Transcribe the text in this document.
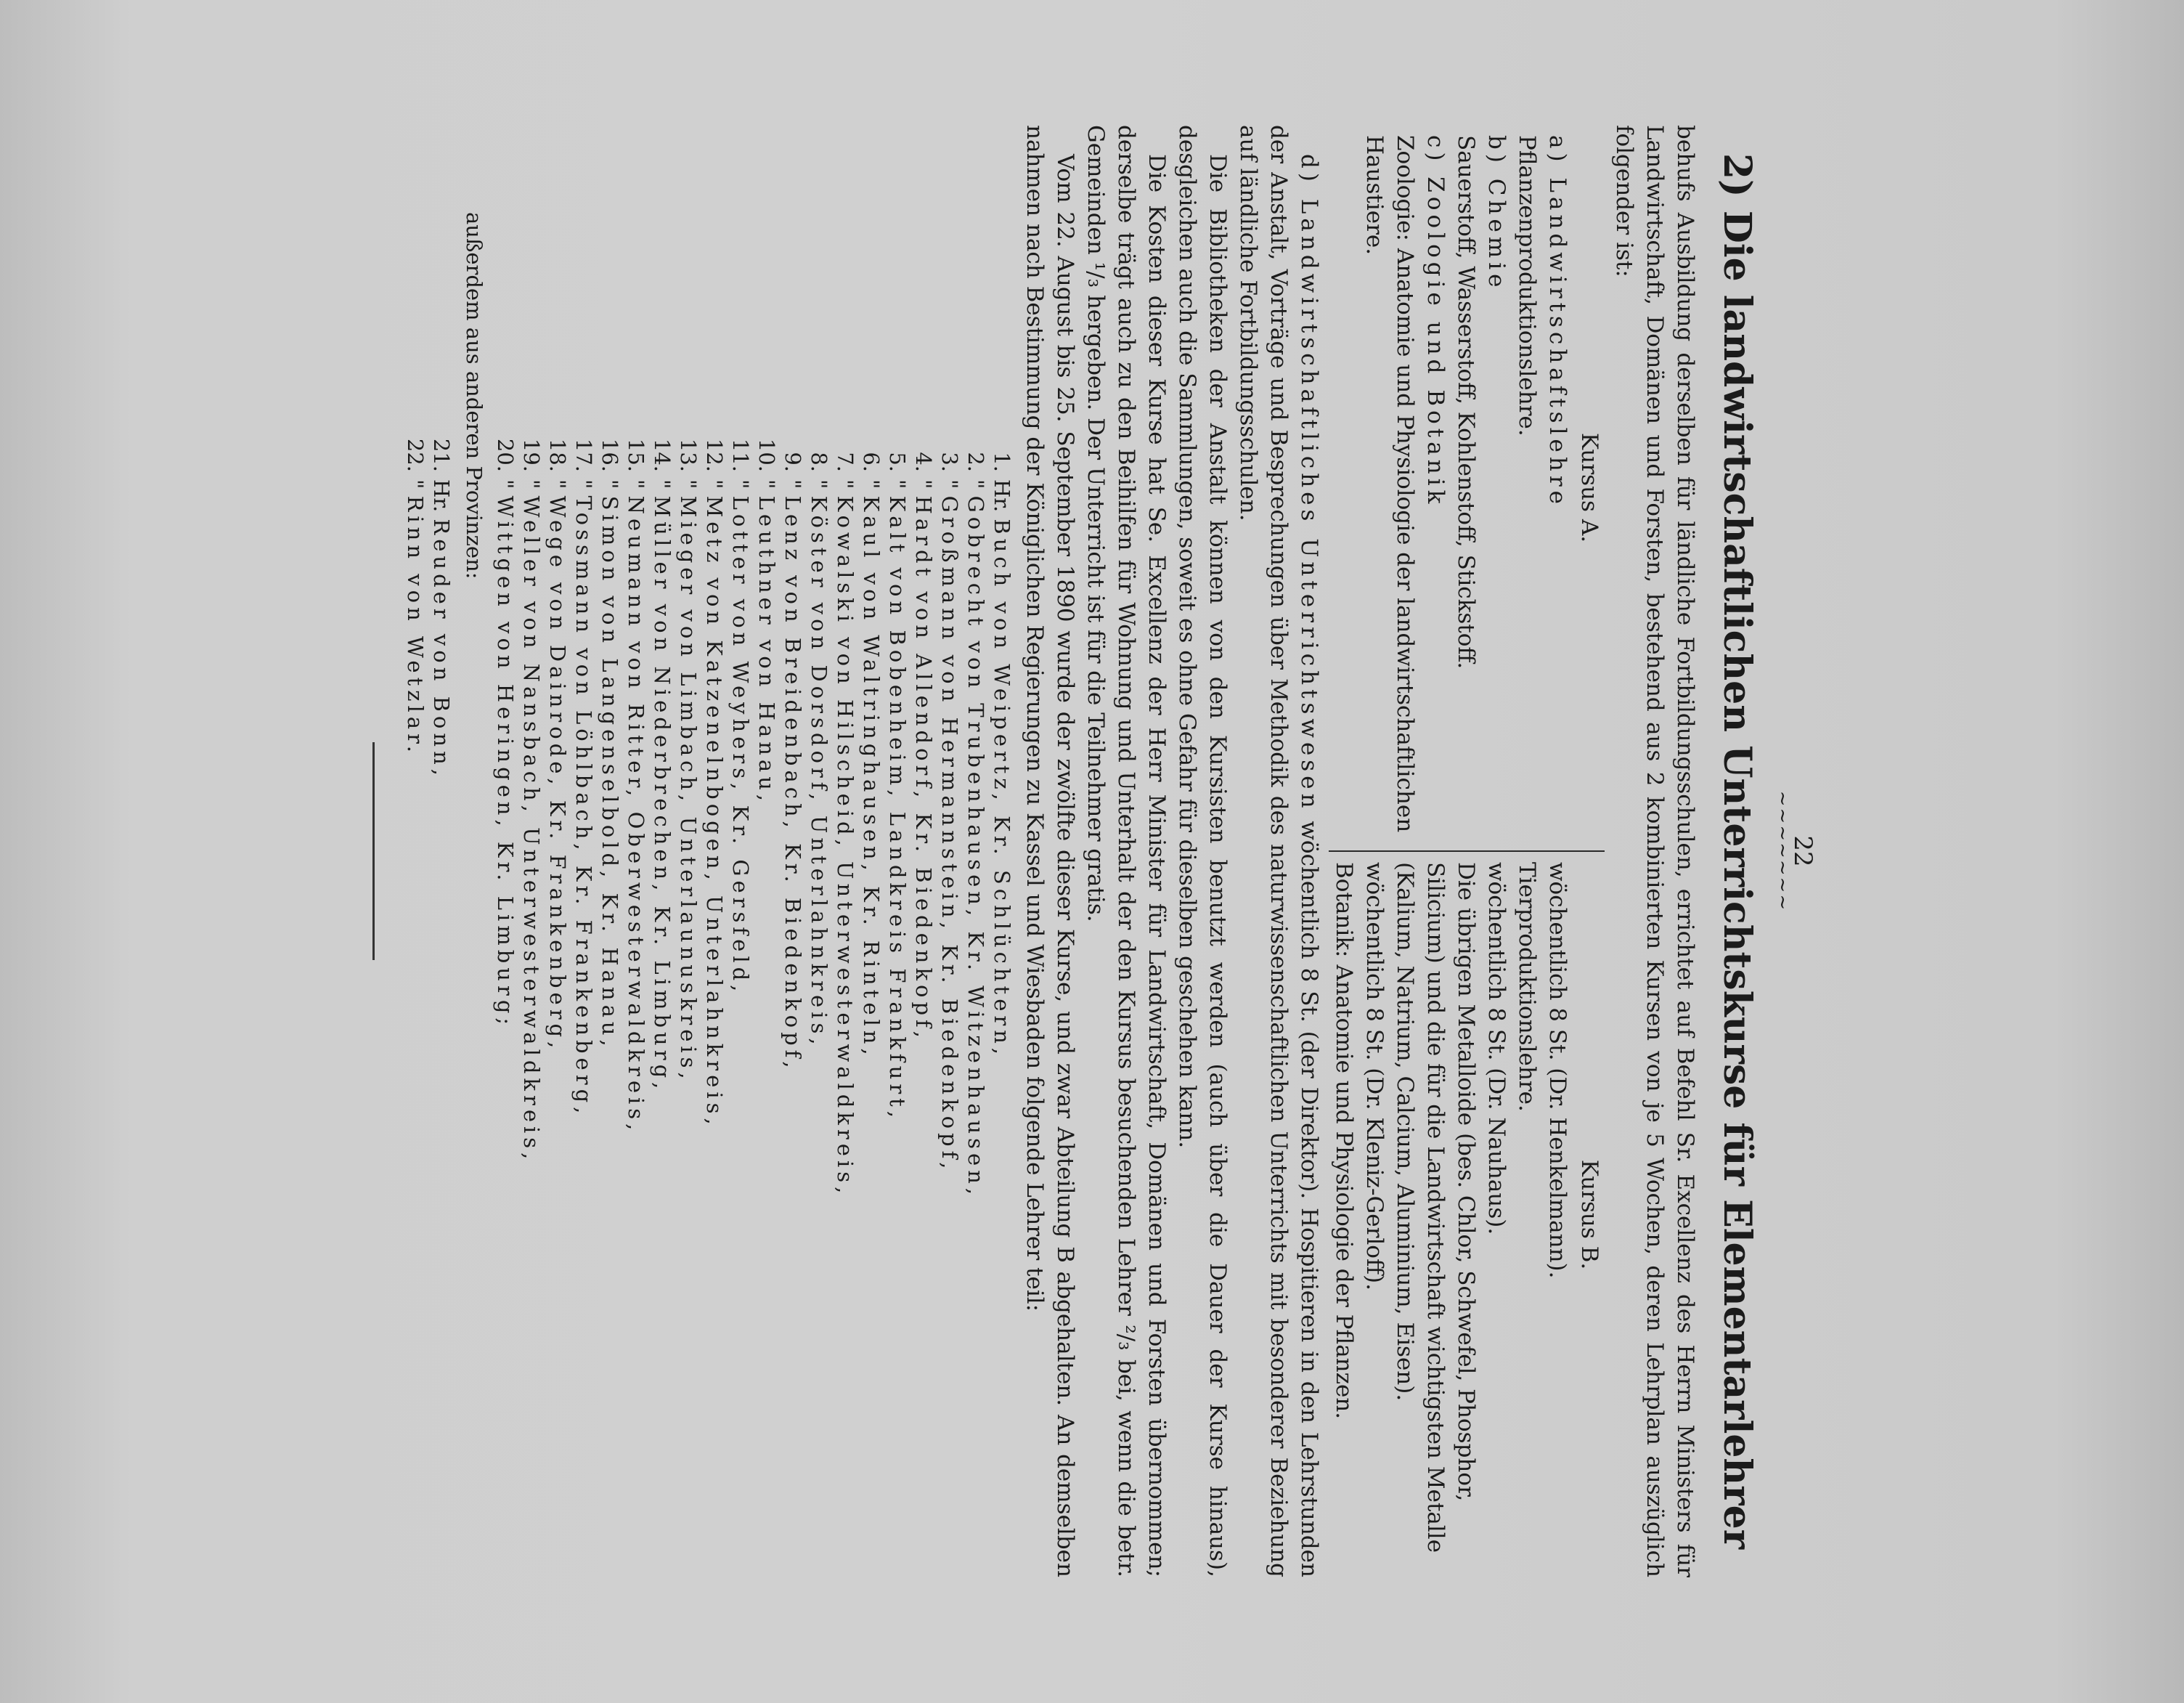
22
~~~~~~~
2) Die landwirtschaftlichen Unterrichtskurse für Elementarlehrer

behufs Ausbildung derselben für ländliche Fortbildungsschulen, errichtet auf Befehl Sr. Excellenz des Herrn Ministers für Landwirtschaft, Domänen und Forsten, bestehend aus 2 kombinierten Kursen von je 5 Wochen, deren Lehrplan auszüglich folgender ist:

Kursus A.
a) Landwirtschaftslehre
Pflanzenproduktionslehre.
b) Chemie
Sauerstoff, Wasserstoff, Kohlenstoff, Stickstoff.
c) Zoologie und Botanik
Zoologie: Anatomie und Physiologie der landwirtschaftlichen Haustiere.
Kursus B.
wöchentlich 8 St. (Dr. Henkelmann).
Tierproduktionslehre.
wöchentlich 8 St. (Dr. Nauhaus).
Die übrigen Metalloide (bes. Chlor, Schwefel, Phosphor, Silicium) und die für die Landwirtschaft wichtigsten Metalle (Kalium, Natrium, Calcium, Aluminium, Eisen).
wöchentlich 8 St. (Dr. Kleniz-Gerloff).
Botanik: Anatomie und Physiologie der Pflanzen.

d) Landwirtschaftliches Unterrichtswesen wöchentlich 8 St. (der Direktor). Hospitieren in den Lehrstunden der Anstalt, Vorträge und Besprechungen über Methodik des naturwissenschaftlichen Unterrichts mit besonderer Beziehung auf ländliche Fortbildungsschulen.

Die Bibliotheken der Anstalt können von den Kursisten benutzt werden (auch über die Dauer der Kurse hinaus), desgleichen auch die Sammlungen, soweit es ohne Gefahr für dieselben geschehen kann.

Die Kosten dieser Kurse hat Se. Excellenz der Herr Minister für Landwirtschaft, Domänen und Forsten übernommen; derselbe trägt auch zu den Beihilfen für Wohnung und Unterhalt der den Kursus besuchenden Lehrer ²/₃ bei, wenn die betr. Gemeinden ¹/₃ hergeben. Der Unterricht ist für die Teilnehmer gratis.

Vom 22. August bis 25. September 1890 wurde der zwölfte dieser Kurse, und zwar Abteilung B abgehalten. An demselben nahmen nach Bestimmung der Königlichen Regierungen zu Kassel und Wiesbaden folgende Lehrer teil:

1.Hr. Buch von Weipertz, Kr. Schlüchtern,
2." Gobrecht von Trubenhausen, Kr. Witzenhausen,
3." Großmann von Hermannstein, Kr. Biedenkopf,
4." Hardt von Allendorf, Kr. Biedenkopf,
5." Kalt von Bobenheim, Landkreis Frankfurt,
6." Kaul von Waltringhausen, Kr. Rinteln,
7." Kowalski von Hilscheid, Unterwesterwaldkreis,
8." Köster von Dorsdorf, Unterlahnkreis,
9." Lenz von Breidenbach, Kr. Biedenkopf,
10." Leuthner von Hanau,
11." Lotter von Weyhers, Kr. Gersfeld,
12." Metz von Katzenelnbogen, Unterlahnkreis,
13." Mieger von Limbach, Unterlaunuskreis,
14." Müller von Niederbrechen, Kr. Limburg,
15." Neumann von Ritter, Oberwesterwaldkreis,
16." Simon von Langenselbold, Kr. Hanau,
17." Tossmann von Löhlbach, Kr. Frankenberg,
18." Wege von Dainrode, Kr. Frankenberg,
19." Weller von Nansbach, Unterwesterwaldkreis,
20." Wittgen von Heringen, Kr. Limburg;
außerdem aus anderen Provinzen:
21.Hr. Reuder von Bonn,
22." Rinn von Wetzlar.
